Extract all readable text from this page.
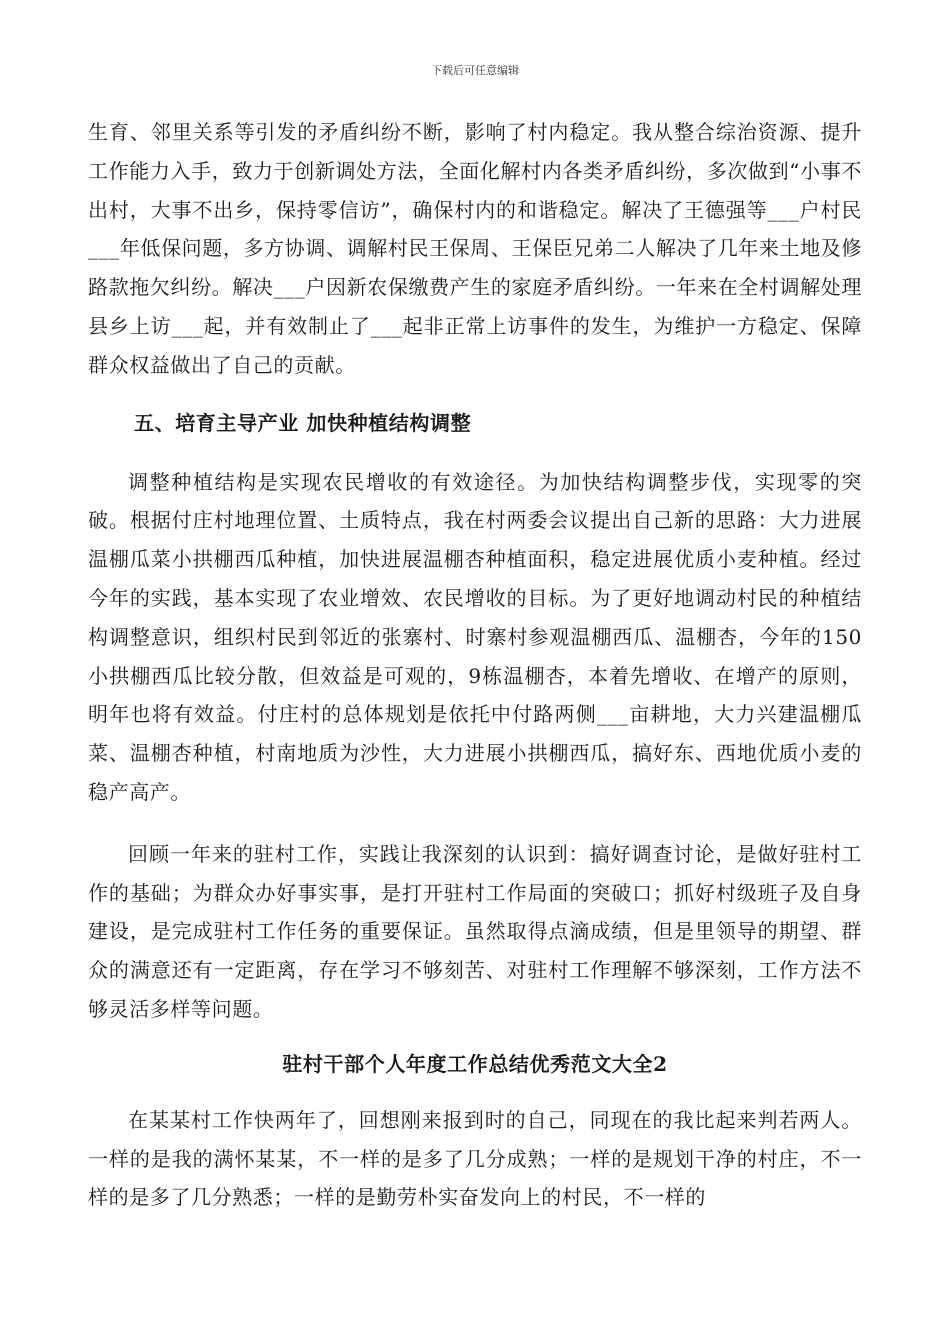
下载后可任意编辑

生育、邻里关系等引发的矛盾纠纷不断，影响了村内稳定。我从整合综治资源、提升工作能力入手，致力于创新调处方法，全面化解村内各类矛盾纠纷，多次做到“小事不出村，大事不出乡，保持零信访”，确保村内的和谐稳定。解决了王德强等___户村民___年低保问题，多方协调、调解村民王保周、王保臣兄弟二人解决了几年来土地及修路款拖欠纠纷。解决___户因新农保缴费产生的家庭矛盾纠纷。一年来在全村调解处理县乡上访___起，并有效制止了___起非正常上访事件的发生，为维护一方稳定、保障群众权益做出了自己的贡献。

五、培育主导产业 加快种植结构调整

调整种植结构是实现农民增收的有效途径。为加快结构调整步伐，实现零的突破。根据付庄村地理位置、土质特点，我在村两委会议提出自己新的思路：大力进展温棚瓜菜小拱棚西瓜种植，加快进展温棚杏种植面积，稳定进展优质小麦种植。经过今年的实践，基本实现了农业增效、农民增收的目标。为了更好地调动村民的种植结构调整意识，组织村民到邻近的张寨村、时寨村参观温棚西瓜、温棚杏，今年的150小拱棚西瓜比较分散，但效益是可观的，9栋温棚杏，本着先增收、在增产的原则，明年也将有效益。付庄村的总体规划是依托中付路两侧___亩耕地，大力兴建温棚瓜菜、温棚杏种植，村南地质为沙性，大力进展小拱棚西瓜，搞好东、西地优质小麦的稳产高产。

回顾一年来的驻村工作，实践让我深刻的认识到：搞好调查讨论，是做好驻村工作的基础；为群众办好事实事，是打开驻村工作局面的突破口；抓好村级班子及自身建设，是完成驻村工作任务的重要保证。虽然取得点滴成绩，但是里领导的期望、群众的满意还有一定距离，存在学习不够刻苦、对驻村工作理解不够深刻，工作方法不够灵活多样等问题。

驻村干部个人年度工作总结优秀范文大全2

在某某村工作快两年了，回想刚来报到时的自己，同现在的我比起来判若两人。一样的是我的满怀某某，不一样的是多了几分成熟；一样的是规划干净的村庄，不一样的是多了几分熟悉；一样的是勤劳朴实奋发向上的村民，不一样的
